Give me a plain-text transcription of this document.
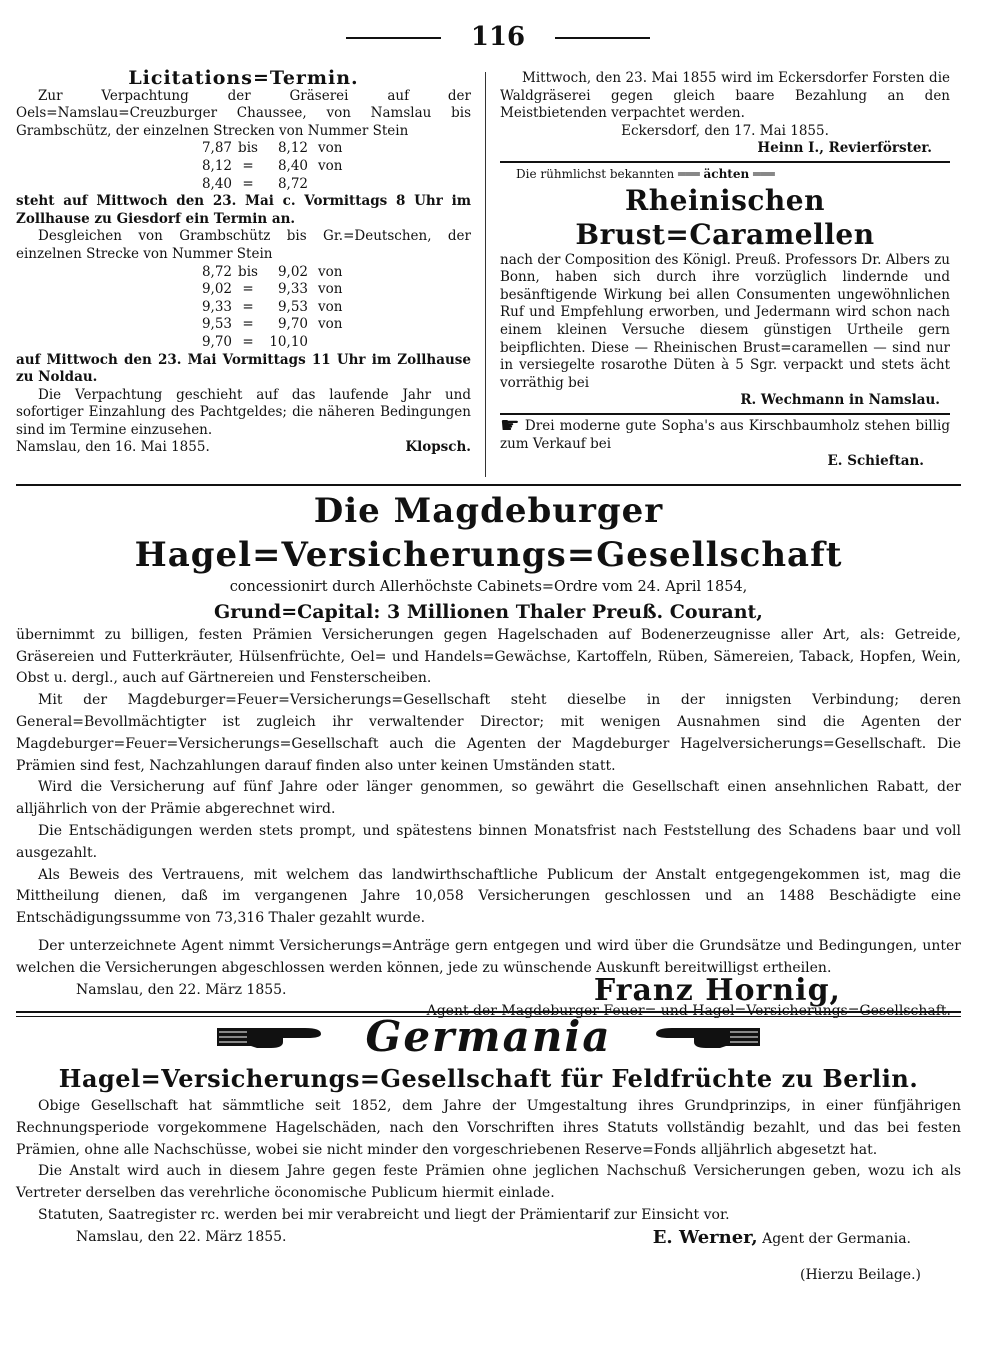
116
Licitations=Termin.
Zur Verpachtung der Gräserei auf der Oels=Namslau=Creuzburger Chaussee, von Namslau bis Grambschütz, der einzelnen Strecken von Nummer Stein
7,87 bis 8,12 von
8,12 = 8,40 von
8,40 = 8,72
steht auf Mittwoch den 23. Mai c. Vormittags 8 Uhr im Zollhause zu Giesdorf ein Termin an.
Desgleichen von Grambschütz bis Gr.=Deutschen, der einzelnen Strecke von Nummer Stein
8,72 bis 9,02 von
9,02 = 9,33 von
9,33 = 9,53 von
9,53 = 9,70 von
9,70 = 10,10
auf Mittwoch den 23. Mai Vormittags 11 Uhr im Zollhause zu Noldau.
Die Verpachtung geschieht auf das laufende Jahr und sofortiger Einzahlung des Pachtgeldes; die näheren Bedingungen sind im Termine einzusehen.
Namslau, den 16. Mai 1855.	Klopsch.
Mittwoch, den 23. Mai 1855 wird im Eckersdorfer Forsten die Waldgräserei gegen gleich baare Bezahlung an den Meistbietenden verpachtet werden.
Eckersdorf, den 17. Mai 1855.
Heinn I., Revierförster.
Die rühmlichst bekannten ═══ ächten ═══
Rheinischen Brust=Caramellen
nach der Composition des Königl. Preuß. Professors Dr. Albers zu Bonn, haben sich durch ihre vorzüglich lindernde und besänftigende Wirkung bei allen Consumenten ungewöhnlichen Ruf und Empfehlung erworben, und Jedermann wird schon nach einem kleinen Versuche diesem günstigen Urtheile gern beipflichten. Diese — Rheinischen Brust=caramellen — sind nur in versiegelte rosarothe Düten à 5 Sgr. verpackt und stets ächt vorräthig bei
R. Wechmann in Namslau.
☛ Drei moderne gute Sopha's aus Kirschbaumholz stehen billig zum Verkauf bei
E. Schieftan.
Die Magdeburger Hagel=Versicherungs=Gesellschaft
concessionirt durch Allerhöchste Cabinets=Ordre vom 24. April 1854,
Grund=Capital: 3 Millionen Thaler Preuß. Courant,
übernimmt zu billigen, festen Prämien Versicherungen gegen Hagelschaden auf Bodenerzeugnisse aller Art, als: Getreide, Gräsereien und Futterkräuter, Hülsenfrüchte, Oel= und Handels=Gewächse, Kartoffeln, Rüben, Sämereien, Taback, Hopfen, Wein, Obst u. dergl., auch auf Gärtnereien und Fensterscheiben.
Mit der Magdeburger=Feuer=Versicherungs=Gesellschaft steht dieselbe in der innigsten Verbindung; deren General=Bevollmächtigter ist zugleich ihr verwaltender Director; mit wenigen Ausnahmen sind die Agenten der Magdeburger=Feuer=Versicherungs=Gesellschaft auch die Agenten der Magdeburger Hagelversicherungs=Gesellschaft. Die Prämien sind fest, Nachzahlungen darauf finden also unter keinen Umständen statt.
Wird die Versicherung auf fünf Jahre oder länger genommen, so gewährt die Gesellschaft einen ansehnlichen Rabatt, der alljährlich von der Prämie abgerechnet wird.
Die Entschädigungen werden stets prompt, und spätestens binnen Monatsfrist nach Feststellung des Schadens baar und voll ausgezahlt.
Als Beweis des Vertrauens, mit welchem das landwirthschaftliche Publicum der Anstalt entgegengekommen ist, mag die Mittheilung dienen, daß im vergangenen Jahre 10,058 Versicherungen geschlossen und an 1488 Beschädigte eine Entschädigungssumme von 73,316 Thaler gezahlt wurde.
Der unterzeichnete Agent nimmt Versicherungs=Anträge gern entgegen und wird über die Grundsätze und Bedingungen, unter welchen die Versicherungen abgeschlossen werden können, jede zu wünschende Auskunft bereitwilligst ertheilen.
Namslau, den 22. März 1855.	Franz Hornig,
Agent der Magdeburger Feuer= und Hagel=Versicherungs=Gesellschaft.
Germania
Hagel=Versicherungs=Gesellschaft für Feldfrüchte zu Berlin.
Obige Gesellschaft hat sämmtliche seit 1852, dem Jahre der Umgestaltung ihres Grundprinzips, in einer fünfjährigen Rechnungsperiode vorgekommene Hagelschäden, nach den Vorschriften ihres Statuts vollständig bezahlt, und das bei festen Prämien, ohne alle Nachschüsse, wobei sie nicht minder den vorgeschriebenen Reserve=Fonds alljährlich abgesetzt hat.
Die Anstalt wird auch in diesem Jahre gegen feste Prämien ohne jeglichen Nachschuß Versicherungen geben, wozu ich als Vertreter derselben das verehrliche öconomische Publicum hiermit einlade.
Statuten, Saatregister rc. werden bei mir verabreicht und liegt der Prämientarif zur Einsicht vor.
Namslau, den 22. März 1855.	E. Werner, Agent der Germania.
(Hierzu Beilage.)
